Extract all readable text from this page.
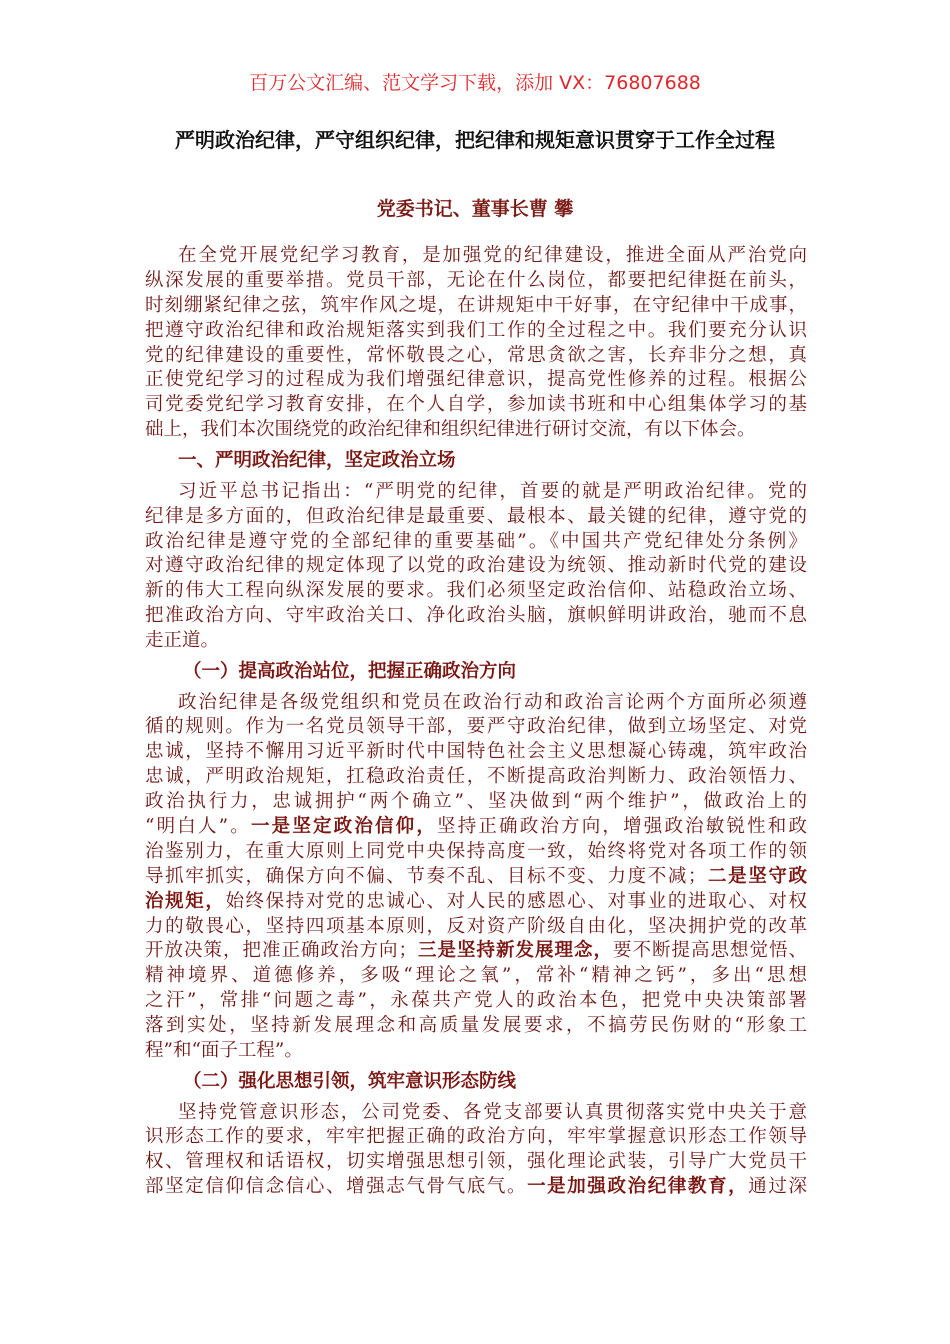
百万公文汇编、范文学习下载，添加 VX：76807688
严明政治纪律，严守组织纪律，把纪律和规矩意识贯穿于工作全过程
党委书记、董事长曹 攀
在全党开展党纪学习教育，是加强党的纪律建设，推进全面从严治党向
纵深发展的重要举措。党员干部，无论在什么岗位，都要把纪律挺在前头，
时刻绷紧纪律之弦，筑牢作风之堤，在讲规矩中干好事，在守纪律中干成事，
把遵守政治纪律和政治规矩落实到我们工作的全过程之中。我们要充分认识
党的纪律建设的重要性，常怀敬畏之心，常思贪欲之害，长弃非分之想，真
正使党纪学习的过程成为我们增强纪律意识，提高党性修养的过程。根据公
司党委党纪学习教育安排，在个人自学，参加读书班和中心组集体学习的基
础上，我们本次围绕党的政治纪律和组织纪律进行研讨交流，有以下体会。
一、严明政治纪律，坚定政治立场
习近平总书记指出：“严明党的纪律，首要的就是严明政治纪律。党的
纪律是多方面的，但政治纪律是最重要、最根本、最关键的纪律，遵守党的
政治纪律是遵守党的全部纪律的重要基础”。《中国共产党纪律处分条例》
对遵守政治纪律的规定体现了以党的政治建设为统领、推动新时代党的建设
新的伟大工程向纵深发展的要求。我们必须坚定政治信仰、站稳政治立场、
把准政治方向、守牢政治关口、净化政治头脑，旗帜鲜明讲政治，驰而不息
走正道。
（一）提高政治站位，把握正确政治方向
政治纪律是各级党组织和党员在政治行动和政治言论两个方面所必须遵
循的规则。作为一名党员领导干部，要严守政治纪律，做到立场坚定、对党
忠诚，坚持不懈用习近平新时代中国特色社会主义思想凝心铸魂，筑牢政治
忠诚，严明政治规矩，扛稳政治责任，不断提高政治判断力、政治领悟力、
政治执行力，忠诚拥护“两个确立”、坚决做到“两个维护”，做政治上的
“明白人”。一是坚定政治信仰，坚持正确政治方向，增强政治敏锐性和政
治鉴别力，在重大原则上同党中央保持高度一致，始终将党对各项工作的领
导抓牢抓实，确保方向不偏、节奏不乱、目标不变、力度不减；二是坚守政
治规矩，始终保持对党的忠诚心、对人民的感恩心、对事业的进取心、对权
力的敬畏心，坚持四项基本原则，反对资产阶级自由化，坚决拥护党的改革
开放决策，把准正确政治方向；三是坚持新发展理念，要不断提高思想觉悟、
精神境界、道德修养，多吸“理论之氧”，常补“精神之钙”，多出“思想
之汗”，常排“问题之毒”，永葆共产党人的政治本色，把党中央决策部署
落到实处，坚持新发展理念和高质量发展要求，不搞劳民伤财的“形象工
程”和“面子工程”。
（二）强化思想引领，筑牢意识形态防线
坚持党管意识形态，公司党委、各党支部要认真贯彻落实党中央关于意
识形态工作的要求，牢牢把握正确的政治方向，牢牢掌握意识形态工作领导
权、管理权和话语权，切实增强思想引领，强化理论武装，引导广大党员干
部坚定信仰信念信心、增强志气骨气底气。一是加强政治纪律教育，通过深
